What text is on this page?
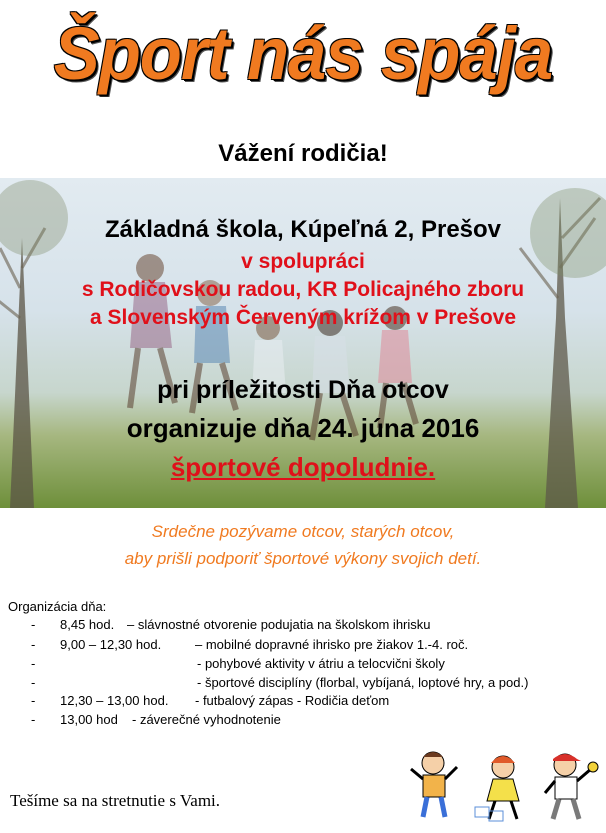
Šport nás spája
Vážení rodičia!
Základná škola, Kúpeľná 2, Prešov
v spolupráci
s Rodičovskou radou, KR Policajného zboru
a Slovenským Červeným krížom v Prešove
pri príležitosti Dňa otcov
organizuje dňa 24. júna 2016
športové dopoludnie.
Srdečne pozývame otcov, starých otcov,
aby prišli podporiť športové výkony svojich detí.
Organizácia dňa:
- 8,45 hod. – slávnostné otvorenie podujatia na školskom ihrisku
- 9,00 – 12,30 hod.	– mobilné dopravné ihrisko pre žiakov 1.-4. roč.
-	- pohybové aktivity v átriu a telocvični školy
-	- športové disciplíny (florbal, vybíjaná, loptové hry, a pod.)
- 12,30 – 13,00 hod. - futbalový zápas - Rodičia deťom
- 13,00 hod - záverečné vyhodnotenie
Tešíme sa na stretnutie s Vami.
